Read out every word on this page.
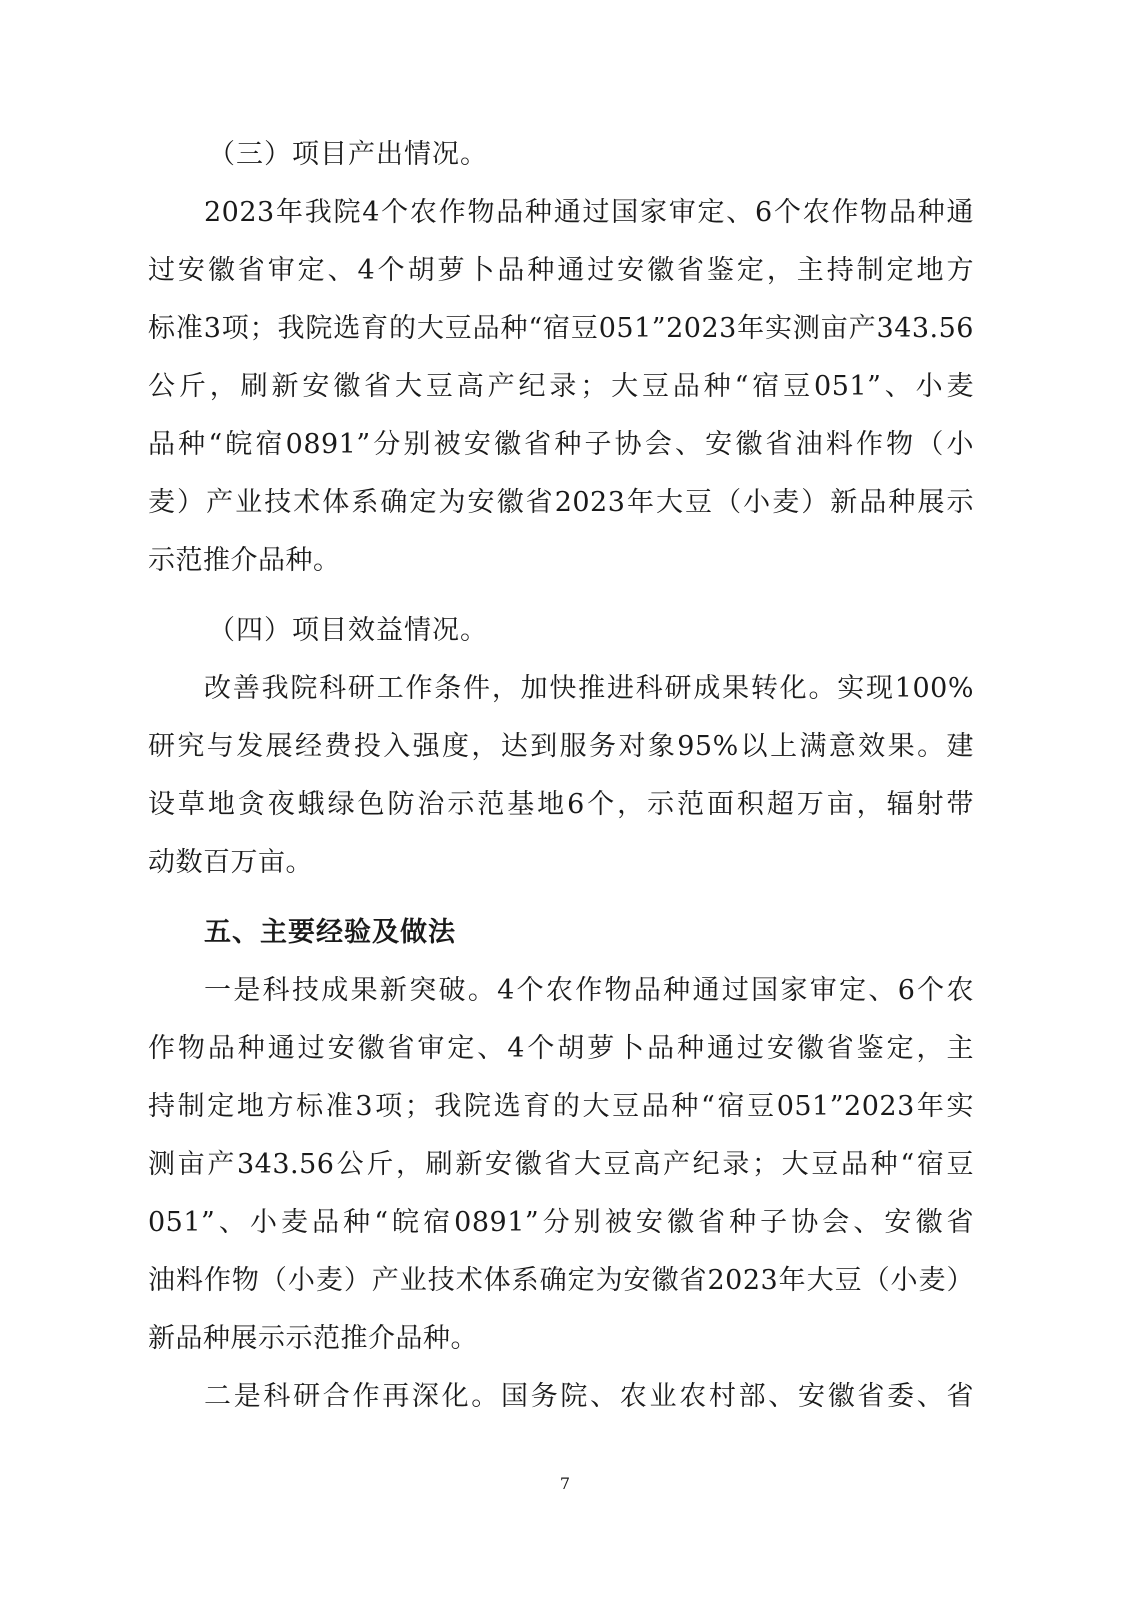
（三）项目产出情况。
2023年我院4个农作物品种通过国家审定、6个农作物品种通
过安徽省审定、4个胡萝卜品种通过安徽省鉴定，主持制定地方
标准3项；我院选育的大豆品种“宿豆051”2023年实测亩产343.56
公斤，刷新安徽省大豆高产纪录；大豆品种“宿豆051”、小麦
品种“皖宿0891”分别被安徽省种子协会、安徽省油料作物（小
麦）产业技术体系确定为安徽省2023年大豆（小麦）新品种展示
示范推介品种。
（四）项目效益情况。
改善我院科研工作条件，加快推进科研成果转化。实现100%
研究与发展经费投入强度，达到服务对象95%以上满意效果。建
设草地贪夜蛾绿色防治示范基地6个，示范面积超万亩，辐射带
动数百万亩。
五、主要经验及做法
一是科技成果新突破。4个农作物品种通过国家审定、6个农
作物品种通过安徽省审定、4个胡萝卜品种通过安徽省鉴定，主
持制定地方标准3项；我院选育的大豆品种“宿豆051”2023年实
测亩产343.56公斤，刷新安徽省大豆高产纪录；大豆品种“宿豆
051”、小麦品种“皖宿0891”分别被安徽省种子协会、安徽省
油料作物（小麦）产业技术体系确定为安徽省2023年大豆（小麦）
新品种展示示范推介品种。
二是科研合作再深化。国务院、农业农村部、安徽省委、省
7
